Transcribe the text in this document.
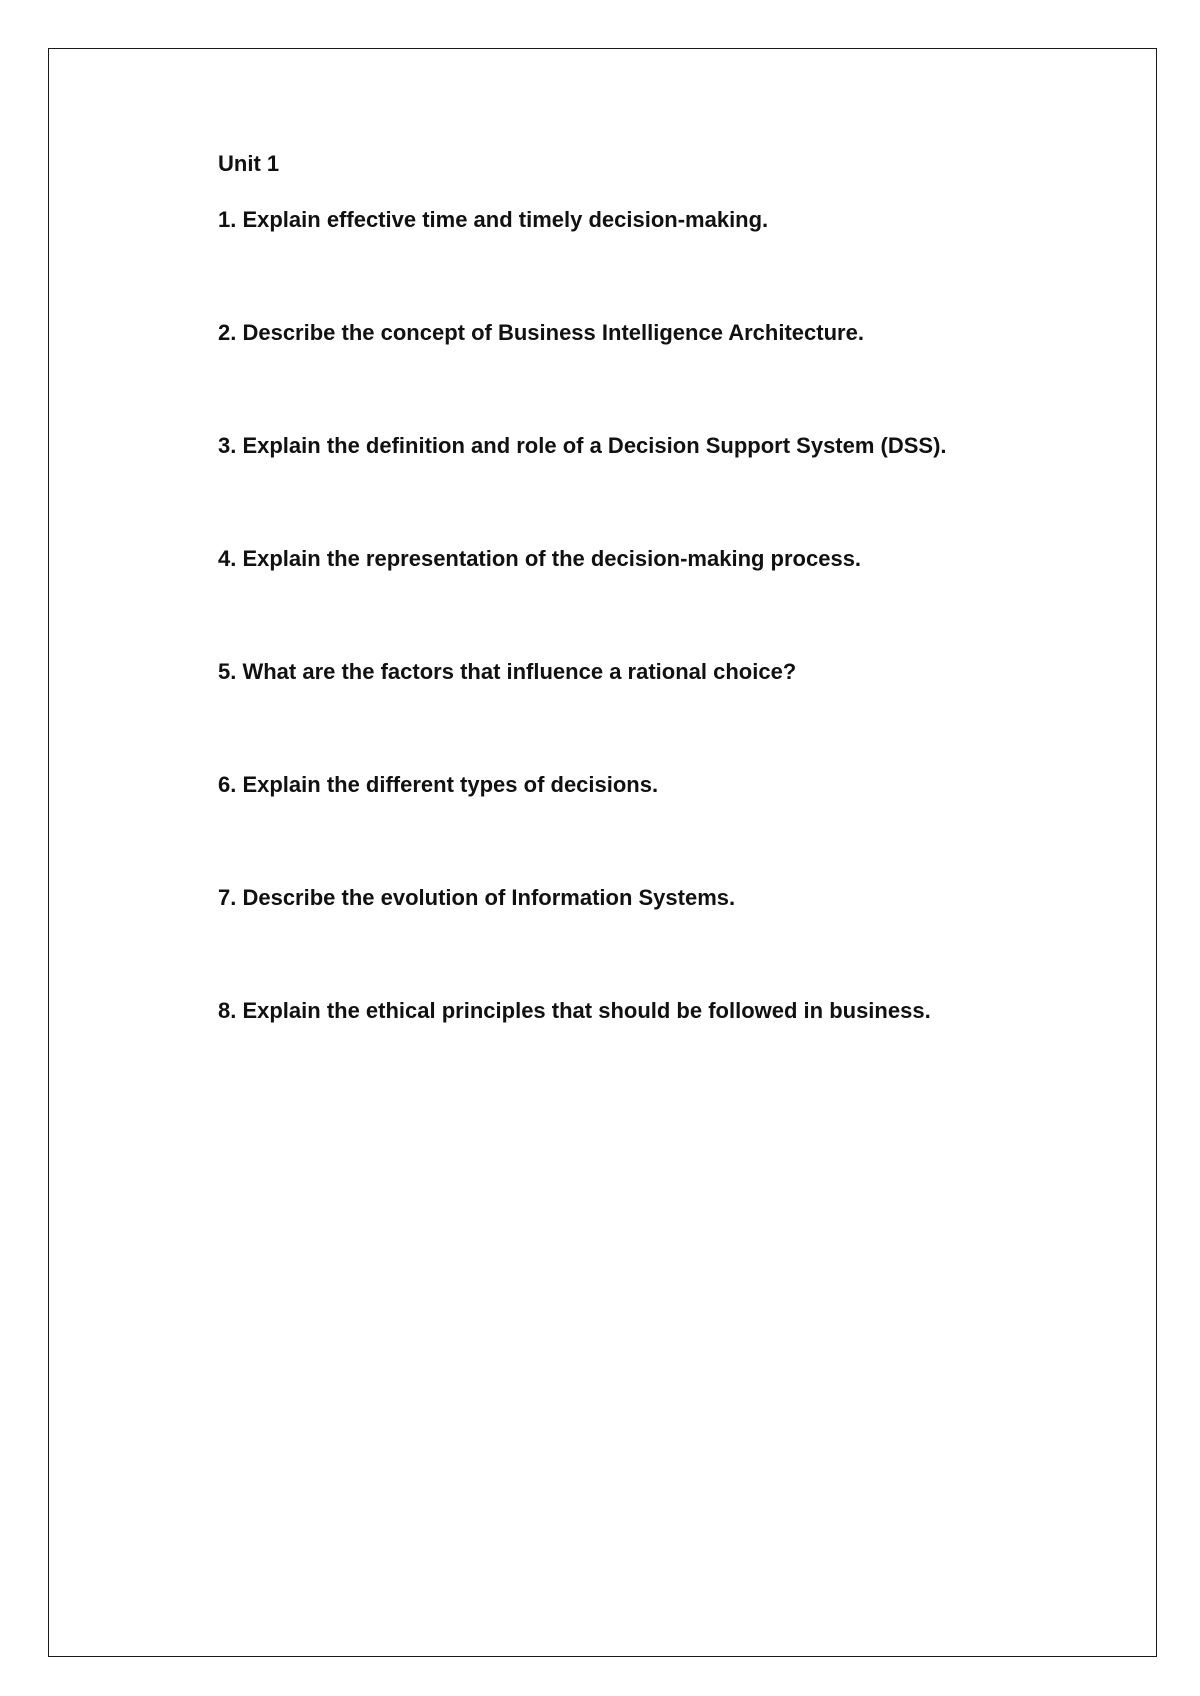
Unit 1
1. Explain effective time and timely decision-making.
2. Describe the concept of Business Intelligence Architecture.
3. Explain the definition and role of a Decision Support System (DSS).
4. Explain the representation of the decision-making process.
5. What are the factors that influence a rational choice?
6. Explain the different types of decisions.
7. Describe the evolution of Information Systems.
8. Explain the ethical principles that should be followed in business.
